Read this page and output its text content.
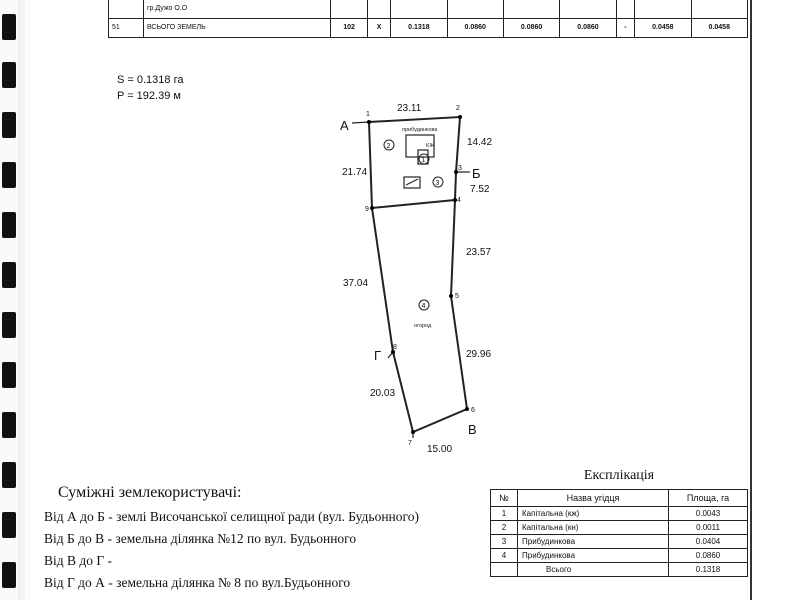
	гр.Дужо О.О									
51	ВСЬОГО ЗЕМЕЛЬ	102	Х	0.1318	0.0860	0.0860	0.0860	-	0.0458	0.0458
S = 0.1318 га
P = 192.39 м
1
2
3
4
5
6
7
8
9
А
Б
В
Г
23.11
14.42
7.52
23.57
29.96
15.00
20.03
37.04
21.74
2
1
3
4
прибудинкова
КЖ
огород
Суміжні землекористувачі:
Від А до Б - землі Височанської селищної ради (вул. Будьонного)
Від Б до В - земельна ділянка №12 по вул. Будьонного
Від В до Г -
Від Г до А - земельна ділянка № 8 по вул.Будьонного
Експлікація
№	Назва угідця	Площа, га
1	Капітальна (кж)	0.0043
2	Капітальна (кн)	0.0011
3	Прибудинкова	0.0404
4	Прибудинкова	0.0860
	Всього	0.1318
